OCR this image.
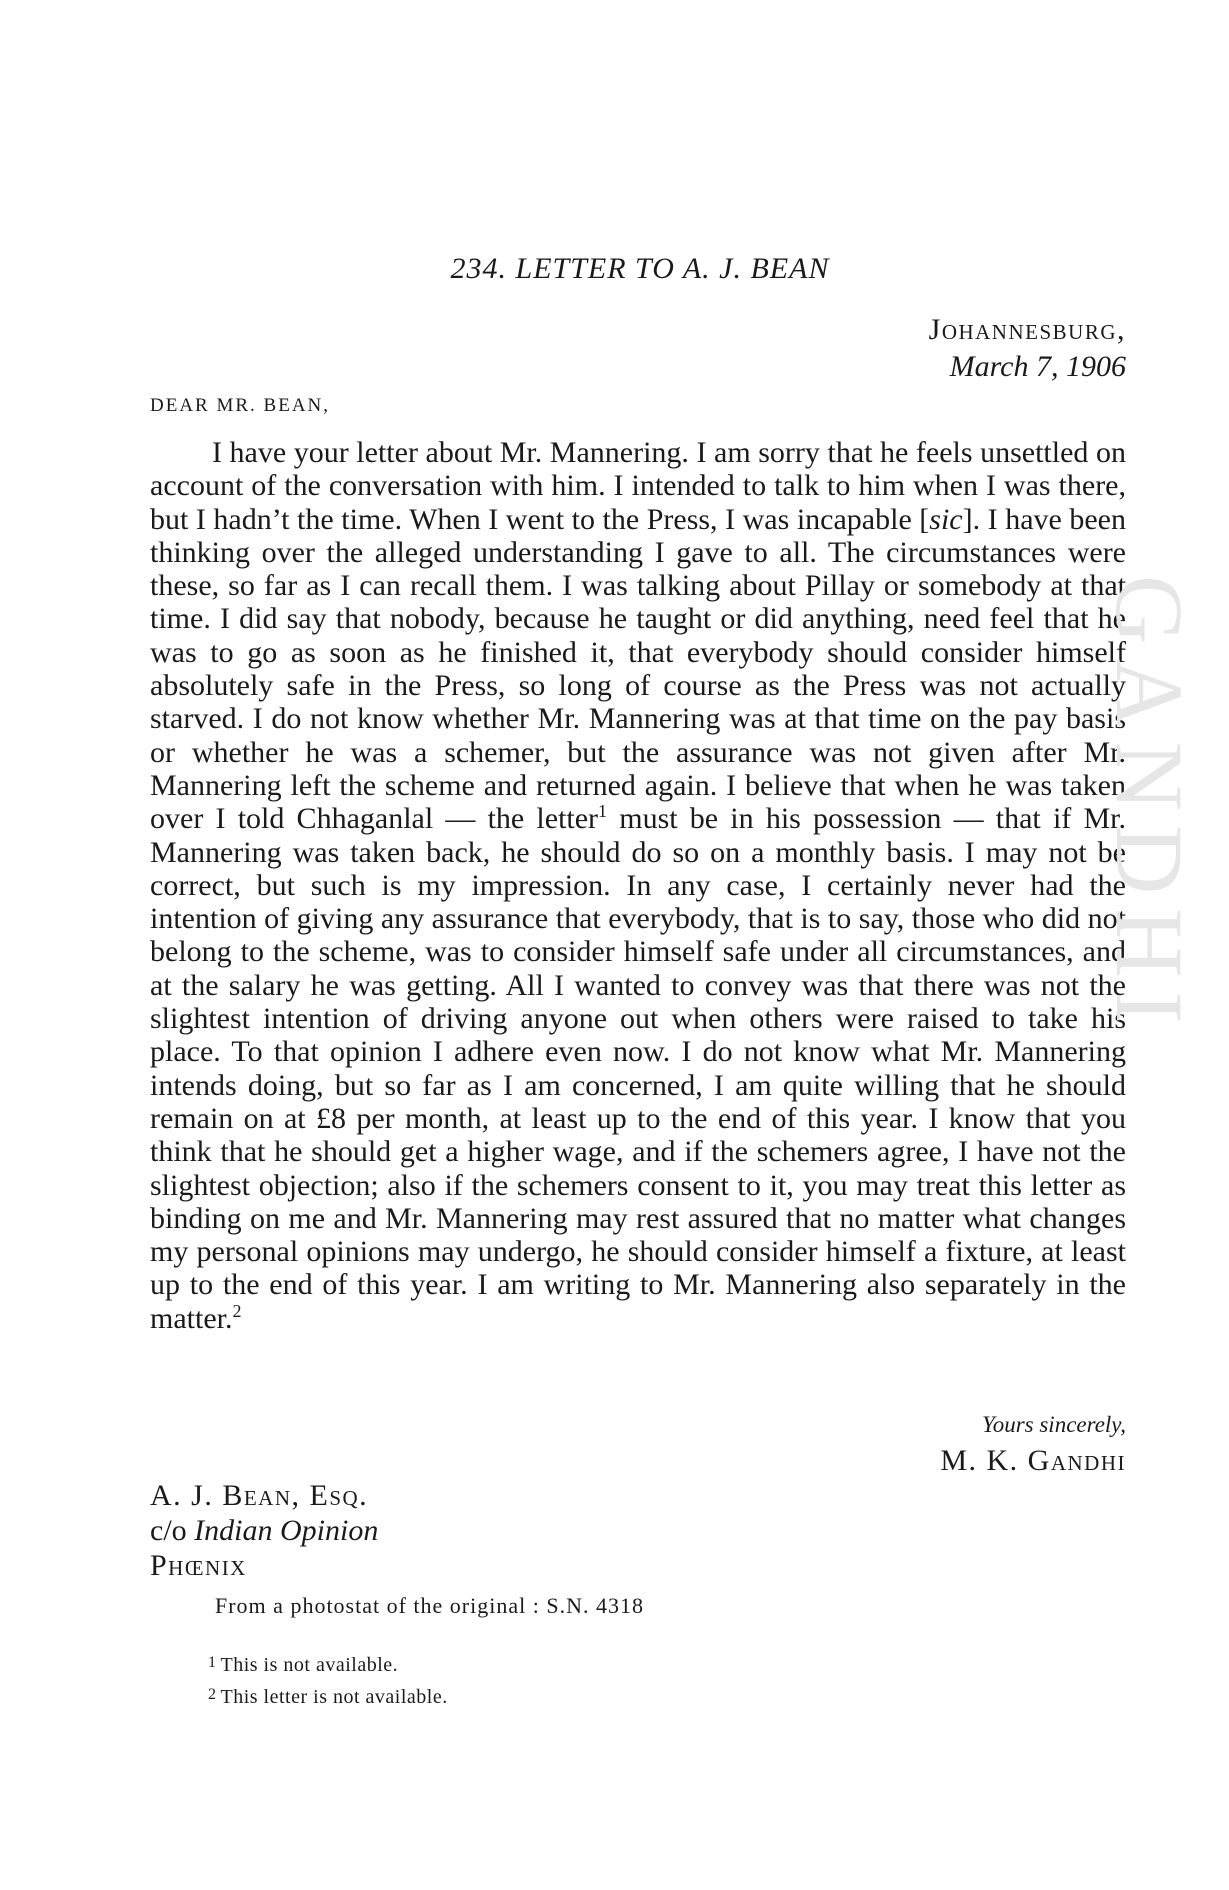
234. LETTER TO A. J. BEAN
Johannesburg,
March 7, 1906
DEAR MR. BEAN,

I have your letter about Mr. Mannering. I am sorry that he feels unsettled on account of the conversation with him. I intended to talk to him when I was there, but I hadn’t the time. When I went to the Press, I was incapable [sic]. I have been thinking over the alleged understanding I gave to all. The circumstances were these, so far as I can recall them. I was talking about Pillay or somebody at that time. I did say that nobody, because he taught or did anything, need feel that he was to go as soon as he finished it, that everybody should consider himself absolutely safe in the Press, so long of course as the Press was not actually starved. I do not know whether Mr. Mannering was at that time on the pay basis or whether he was a schemer, but the assurance was not given after Mr. Mannering left the scheme and returned again. I believe that when he was taken over I told Chhaganlal — the letter$^1$ must be in his possession — that if Mr. Mannering was taken back, he should do so on a monthly basis. I may not be correct, but such is my impression. In any case, I certainly never had the intention of giving any assurance that everybody, that is to say, those who did not belong to the scheme, was to consider himself safe under all circumstances, and at the salary he was getting. All I wanted to convey was that there was not the slightest intention of driving anyone out when others were raised to take his place. To that opinion I adhere even now. I do not know what Mr. Mannering intends doing, but so far as I am concerned, I am quite willing that he should remain on at £8 per month, at least up to the end of this year. I know that you think that he should get a higher wage, and if the schemers agree, I have not the slightest objection; also if the schemers consent to it, you may treat this letter as binding on me and Mr. Mannering may rest assured that no matter what changes my personal opinions may undergo, he should consider himself a fixture, at least up to the end of this year. I am writing to Mr. Mannering also separately in the matter.$^2$

Yours sincerely,
M. K. Gandhi
A. J. Bean, Esq.
c/o Indian Opinion
Phœnix
From a photostat of the original : S.N. 4318
$^1$ This is not available.
$^2$ This letter is not available.
GANDHI
